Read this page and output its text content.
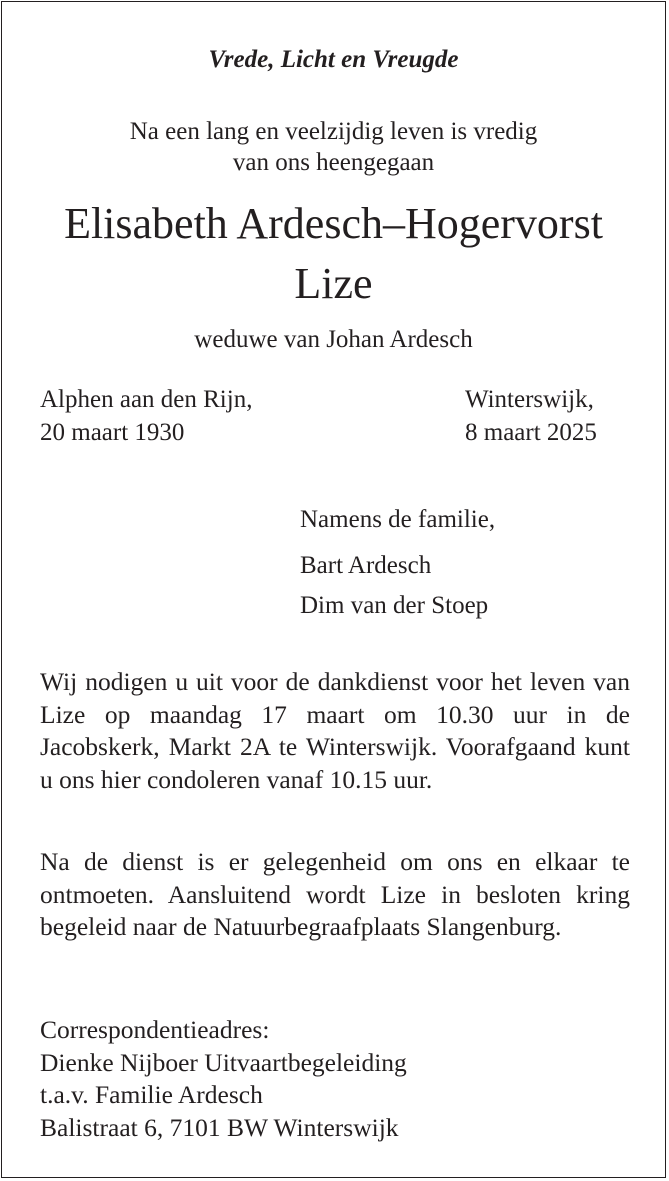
Vrede, Licht en Vreugde

Na een lang en veelzijdig leven is vredig
van ons heengegaan

Elisabeth Ardesch–Hogervorst

Lize

weduwe van Johan Ardesch

Alphen aan den Rijn,
20 maart 1930
Winterswijk,
8 maart 2025

Namens de familie,

Bart Ardesch

Dim van der Stoep

Wij nodigen u uit voor de dankdienst voor het leven van Lize op maandag 17 maart om 10.30 uur in de Jacobskerk, Markt 2A te Winterswijk. Voorafgaand kunt u ons hier condoleren vanaf 10.15 uur.

Na de dienst is er gelegenheid om ons en elkaar te ontmoeten. Aansluitend wordt Lize in besloten kring begeleid naar de Natuurbegraafplaats Slangenburg.

Correspondentieadres:
Dienke Nijboer Uitvaartbegeleiding
t.a.v. Familie Ardesch
Balistraat 6, 7101 BW Winterswijk
